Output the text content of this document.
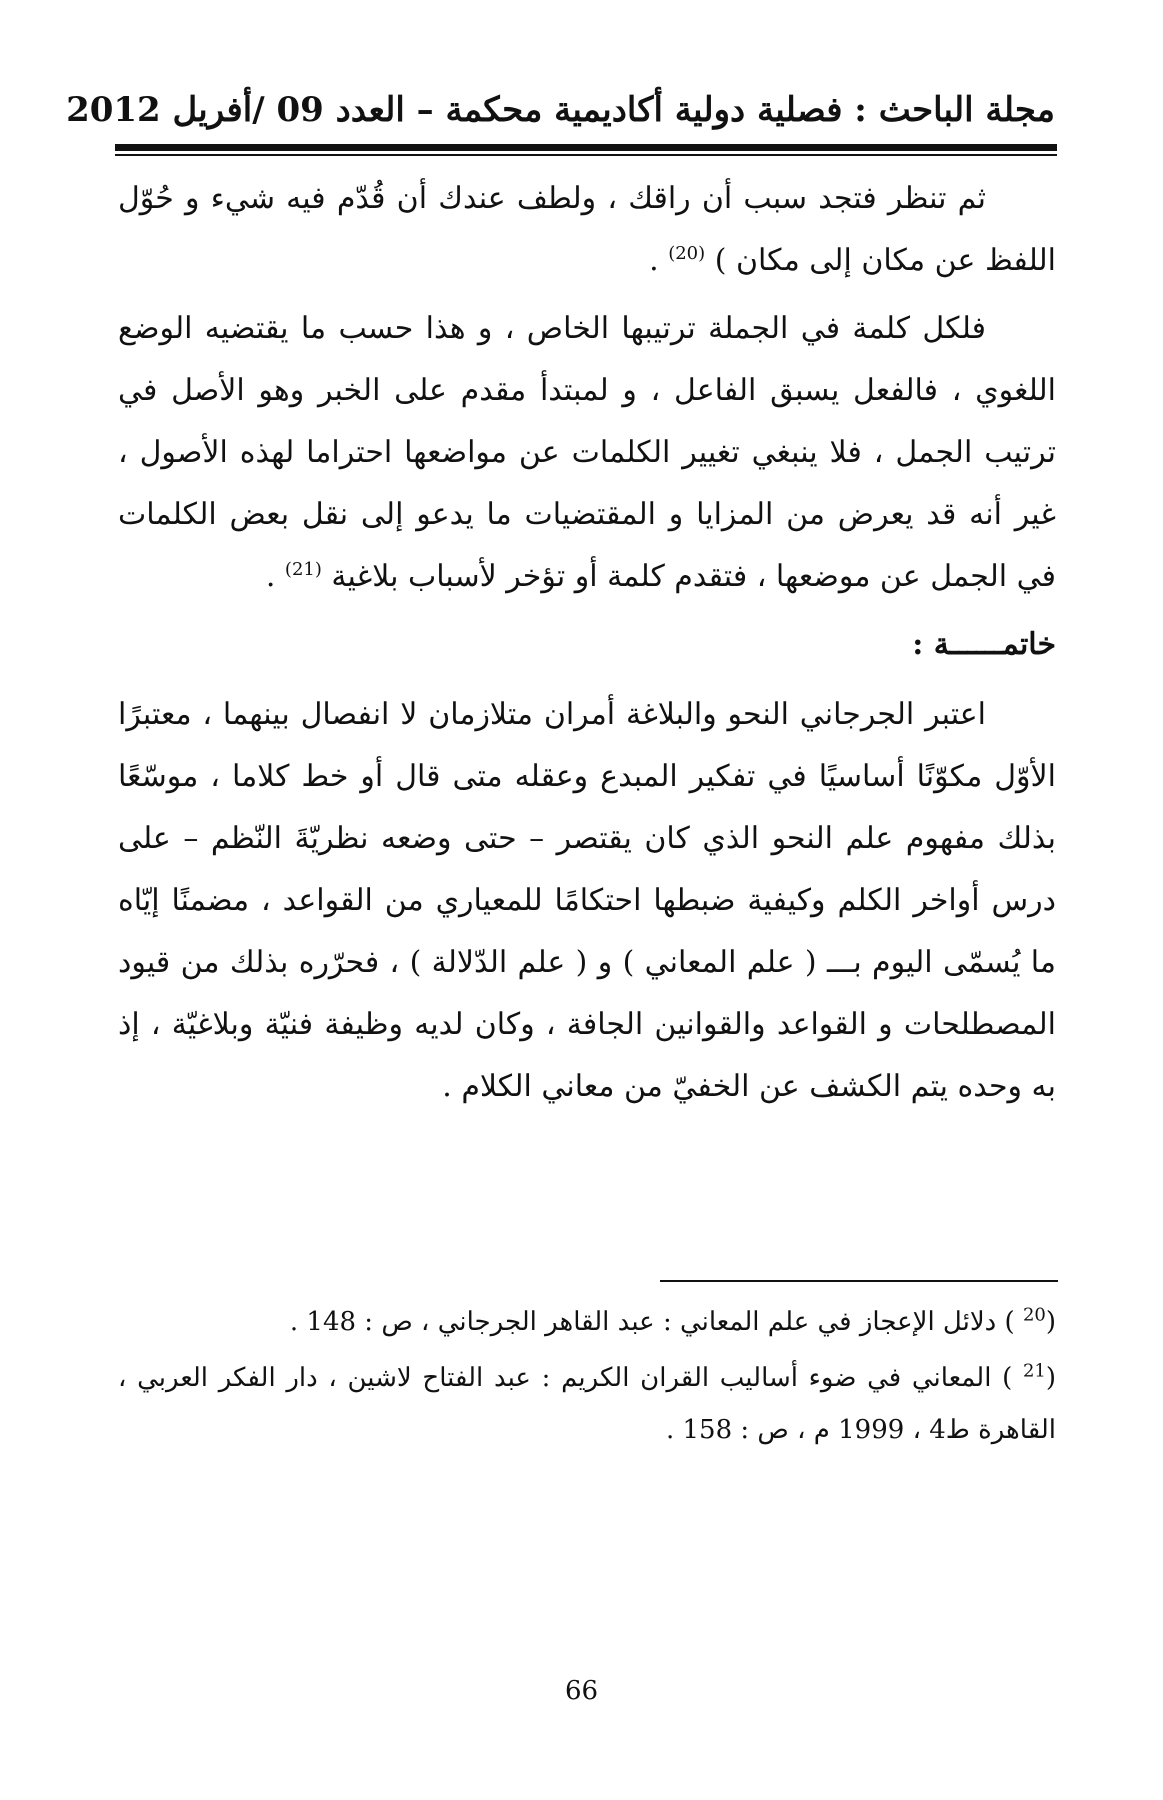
مجلة الباحث : فصلية دولية أكاديمية محكمة – العدد 09 /أفريل 2012

ثم تنظر فتجد سبب أن راقك ، ولطف عندك أن قُدّم فيه شيء و حُوّل اللفظ عن مكان إلى مكان ) $^{(20)}$ .

فلكل كلمة في الجملة ترتيبها الخاص ، و هذا حسب ما يقتضيه الوضع اللغوي ، فالفعل يسبق الفاعل ، و لمبتدأ مقدم على الخبر وهو الأصل في ترتيب الجمل ، فلا ينبغي تغيير الكلمات عن مواضعها احتراما لهذه الأصول ، غير أنه قد يعرض من المزايا و المقتضيات ما يدعو إلى نقل بعض الكلمات في الجمل عن موضعها ، فتقدم كلمة أو تؤخر لأسباب بلاغية $^{(21)}$ .

خاتمــــــة :

اعتبر الجرجاني النحو والبلاغة أمران متلازمان لا انفصال بينهما ، معتبرًا الأوّل مكوّنًا أساسيًا في تفكير المبدع وعقله متى قال أو خط كلاما ، موسّعًا بذلك مفهوم علم النحو الذي كان يقتصر – حتى وضعه نظريّةَ النّظم – على درس أواخر الكلم وكيفية ضبطها احتكامًا للمعياري من القواعد ، مضمنًا إيّاه ما يُسمّى اليوم بـــ ( علم المعاني ) و ( علم الدّلالة ) ، فحرّره بذلك من قيود المصطلحات و القواعد والقوانين الجافة ، وكان لديه وظيفة فنيّة وبلاغيّة ، إذ به وحده يتم الكشف عن الخفيّ من معاني الكلام .

($^{20}$ ) دلائل الإعجاز في علم المعاني : عبد القاهر الجرجاني ، ص : 148 .

($^{21}$ ) المعاني في ضوء أساليب القران الكريم : عبد الفتاح لاشين ، دار الفكر العربي ، القاهرة ط4 ، 1999 م ، ص : 158 .

66
